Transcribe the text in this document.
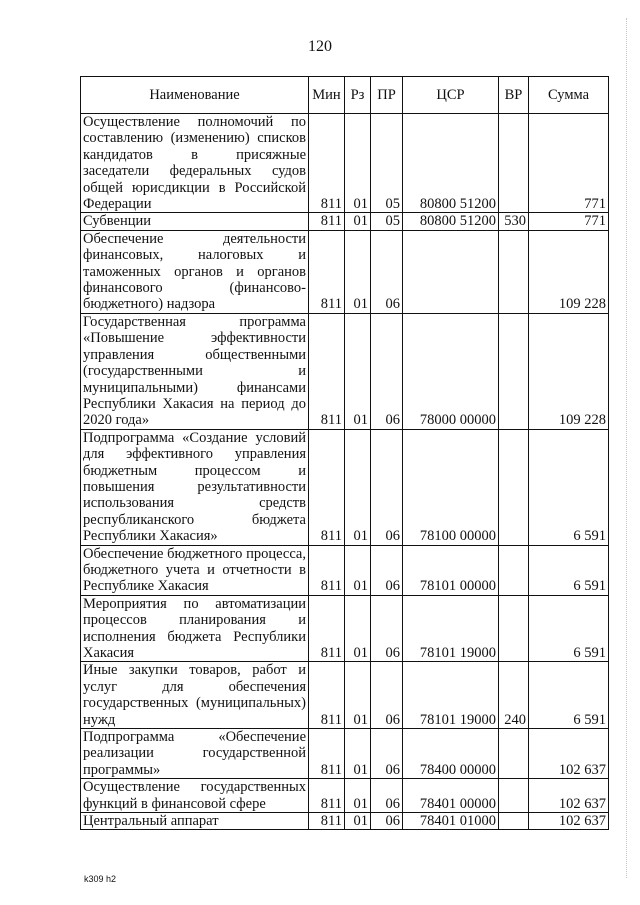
120
Наименование	Мин	Рз	ПР	ЦСР	ВР	Сумма
Осуществление полномочий по составлению (изменению) списков кандидатов в присяжные заседатели федеральных судов общей юрисдикции в Российской Федерации	811	01	05	80800 51200		771
Субвенции	811	01	05	80800 51200	530	771
Обеспечение деятельности финансовых, налоговых и таможенных органов и органов финансового (финансово-бюджетного) надзора	811	01	06			109 228
Государственная программа «Повышение эффективности управления общественными (государственными и муниципальными) финансами Республики Хакасия на период до 2020 года»	811	01	06	78000 00000		109 228
Подпрограмма «Создание условий для эффективного управления бюджетным процессом и повышения результативности использования средств республиканского бюджета Республики Хакасия»	811	01	06	78100 00000		6 591
Обеспечение бюджетного процесса, бюджетного учета и отчетности в Республике Хакасия	811	01	06	78101 00000		6 591
Мероприятия по автоматизации процессов планирования и исполнения бюджета Республики Хакасия	811	01	06	78101 19000		6 591
Иные закупки товаров, работ и услуг для обеспечения государственных (муниципальных) нужд	811	01	06	78101 19000	240	6 591
Подпрограмма «Обеспечение реализации государственной программы»	811	01	06	78400 00000		102 637
Осуществление государственных функций в финансовой сфере	811	01	06	78401 00000		102 637
Центральный аппарат	811	01	06	78401 01000		102 637
k309 h2
